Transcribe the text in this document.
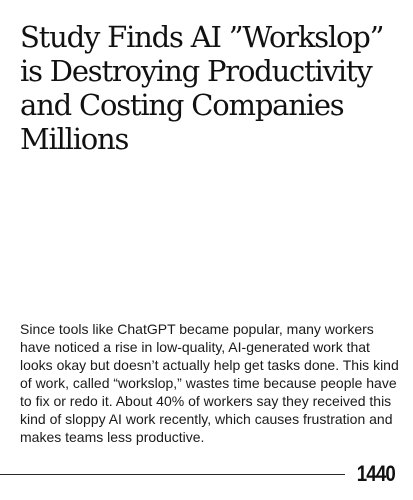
Study Finds AI ”Workslop” is Destroying Productivity and Costing Companies Millions

Since tools like ChatGPT became popular, many workers have noticed a rise in low-quality, AI-generated work that looks okay but doesn’t actually help get tasks done. This kind of work, called “workslop,” wastes time because people have to fix or redo it. About 40% of workers say they received this kind of sloppy AI work recently, which causes frustration and makes teams less productive.

1440
